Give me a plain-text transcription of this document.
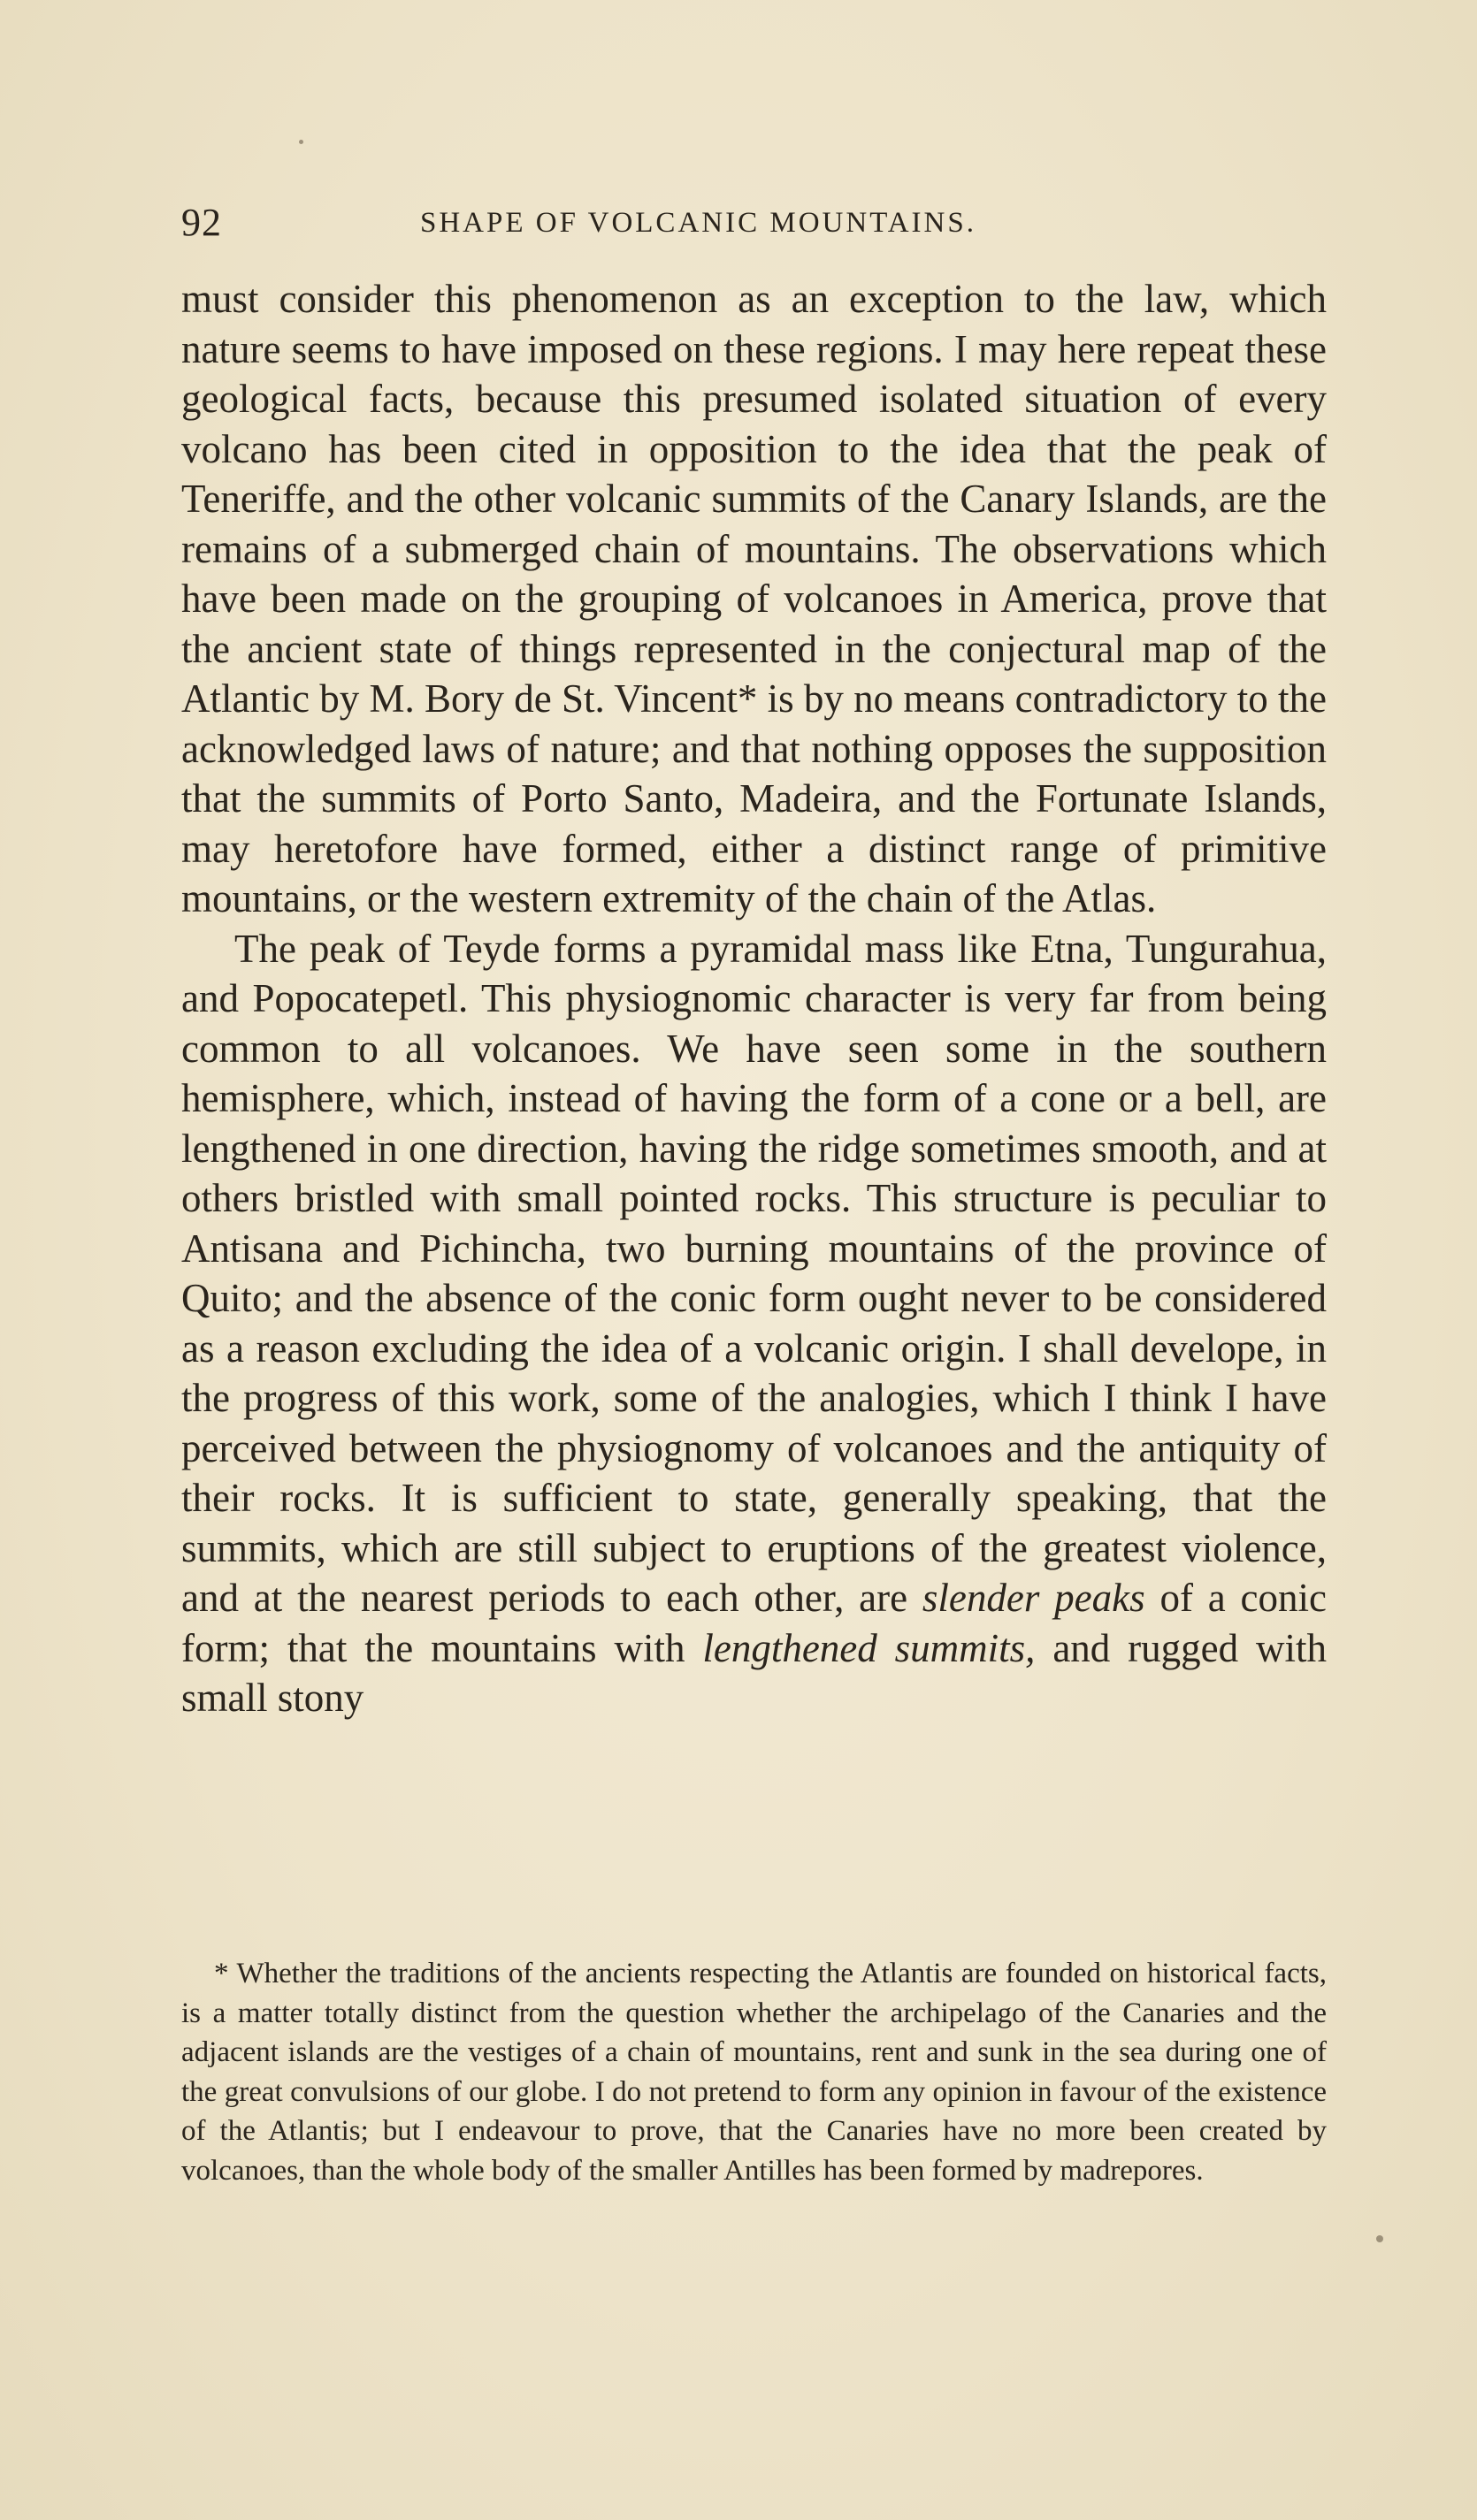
92	SHAPE OF VOLCANIC MOUNTAINS.

must consider this phenomenon as an exception to the law, which nature seems to have imposed on these regions. I may here repeat these geological facts, because this presumed isolated situation of every volcano has been cited in opposition to the idea that the peak of Teneriffe, and the other volcanic summits of the Canary Islands, are the remains of a submerged chain of mountains. The observations which have been made on the grouping of volcanoes in America, prove that the ancient state of things represented in the conjectural map of the Atlantic by M. Bory de St. Vincent* is by no means contradictory to the acknowledged laws of nature; and that nothing opposes the supposition that the summits of Porto Santo, Madeira, and the Fortunate Islands, may heretofore have formed, either a distinct range of primitive mountains, or the western extremity of the chain of the Atlas.

The peak of Teyde forms a pyramidal mass like Etna, Tungurahua, and Popocatepetl. This physiognomic character is very far from being common to all volcanoes. We have seen some in the southern hemisphere, which, instead of having the form of a cone or a bell, are lengthened in one direction, having the ridge sometimes smooth, and at others bristled with small pointed rocks. This structure is peculiar to Antisana and Pichincha, two burning mountains of the province of Quito; and the absence of the conic form ought never to be considered as a reason excluding the idea of a volcanic origin. I shall develope, in the progress of this work, some of the analogies, which I think I have perceived between the physiognomy of volcanoes and the antiquity of their rocks. It is sufficient to state, generally speaking, that the summits, which are still subject to eruptions of the greatest violence, and at the nearest periods to each other, are slender peaks of a conic form; that the mountains with lengthened summits, and rugged with small stony

* Whether the traditions of the ancients respecting the Atlantis are founded on historical facts, is a matter totally distinct from the question whether the archipelago of the Canaries and the adjacent islands are the vestiges of a chain of mountains, rent and sunk in the sea during one of the great convulsions of our globe. I do not pretend to form any opinion in favour of the existence of the Atlantis; but I endeavour to prove, that the Canaries have no more been created by volcanoes, than the whole body of the smaller Antilles has been formed by madrepores.
